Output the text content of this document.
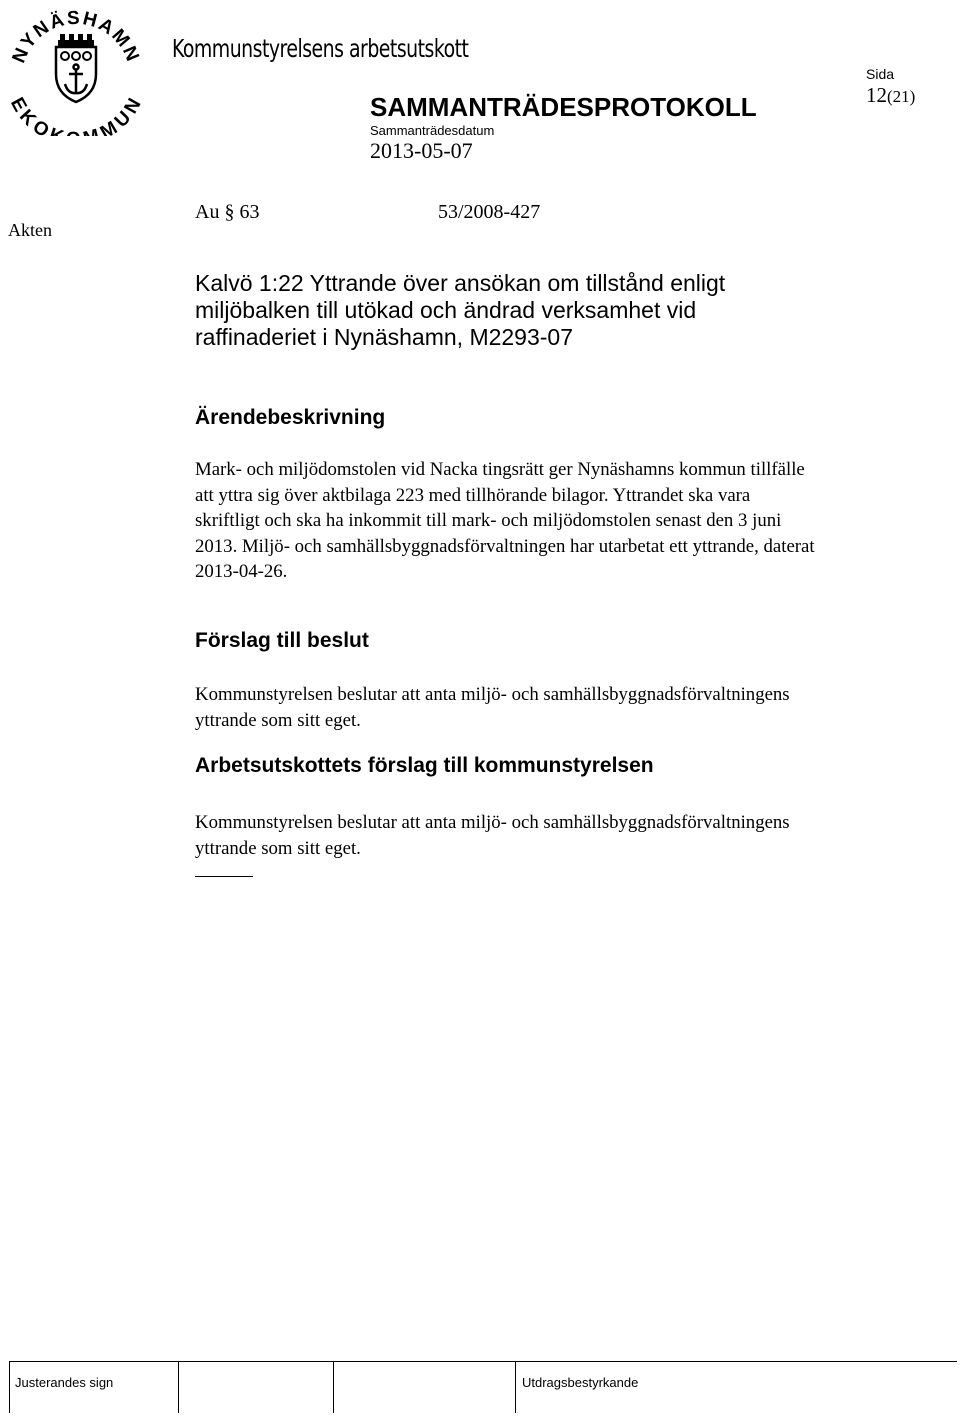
NYNÄSHAMN
EKO MUN
Kommunstyrelsens arbetsutskott
SAMMANTRÄDESPROTOKOLL
Sammanträdesdatum
2013-05-07
Sida
12(21)
Akten
Au § 63	53/2008-427
Kalvö 1:22 Yttrande över ansökan om tillstånd enligt
miljöbalken till utökad och ändrad verksamhet vid
raffinaderiet i Nynäshamn, M2293-07
Ärendebeskrivning
Mark- och miljödomstolen vid Nacka tingsrätt ger Nynäshamns kommun tillfälle
att yttra sig över aktbilaga 223 med tillhörande bilagor. Yttrandet ska vara
skriftligt och ska ha inkommit till mark- och miljödomstolen senast den 3 juni
2013. Miljö- och samhällsbyggnadsförvaltningen har utarbetat ett yttrande, daterat
2013-04-26.
Förslag till beslut
Kommunstyrelsen beslutar att anta miljö- och samhällsbyggnadsförvaltningens
yttrande som sitt eget.
Arbetsutskottets förslag till kommunstyrelsen
Kommunstyrelsen beslutar att anta miljö- och samhällsbyggnadsförvaltningens
yttrande som sitt eget.
Justerandes sign	Utdragsbestyrkande
